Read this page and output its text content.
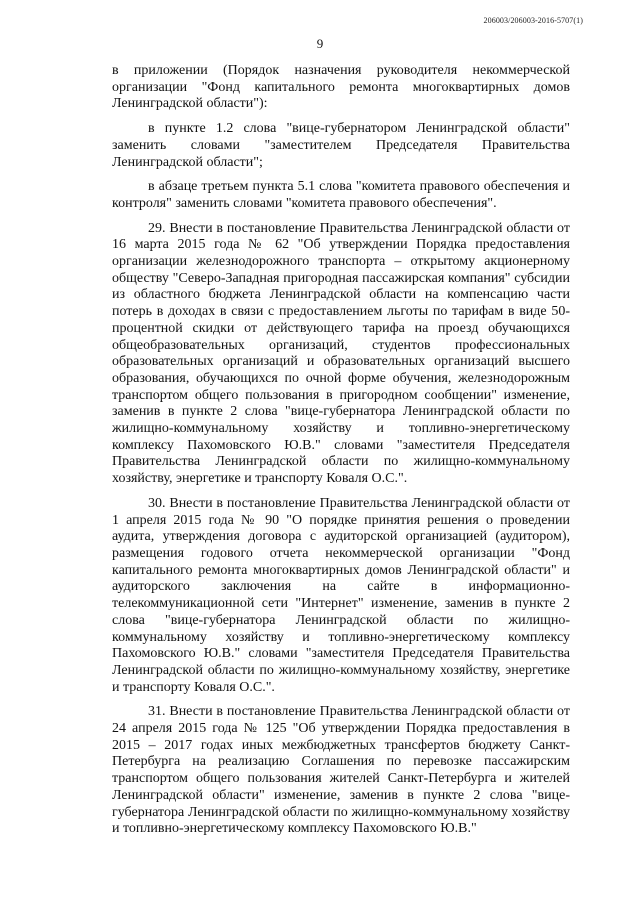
206003/206003-2016-5707(1)
9

в приложении (Порядок назначения руководителя некоммерческой организации "Фонд капитального ремонта многоквартирных домов Ленинградской области"):

в пункте 1.2 слова "вице-губернатором Ленинградской области" заменить словами "заместителем Председателя Правительства Ленинградской области";

в абзаце третьем пункта 5.1 слова "комитета правового обеспечения и контроля" заменить словами "комитета правового обеспечения".

29. Внести в постановление Правительства Ленинградской области от 16 марта 2015 года № 62 "Об утверждении Порядка предоставления организации железнодорожного транспорта – открытому акционерному обществу "Северо-Западная пригородная пассажирская компания" субсидии из областного бюджета Ленинградской области на компенсацию части потерь в доходах в связи с предоставлением льготы по тарифам в виде 50-процентной скидки от действующего тарифа на проезд обучающихся общеобразовательных организаций, студентов профессиональных образовательных организаций и образовательных организаций высшего образования, обучающихся по очной форме обучения, железнодорожным транспортом общего пользования в пригородном сообщении" изменение, заменив в пункте 2 слова "вице-губернатора Ленинградской области по жилищно-коммунальному хозяйству и топливно-энергетическому комплексу Пахомовского Ю.В." словами "заместителя Председателя Правительства Ленинградской области по жилищно-коммунальному хозяйству, энергетике и транспорту Коваля О.С.".

30. Внести в постановление Правительства Ленинградской области от 1 апреля 2015 года № 90 "О порядке принятия решения о проведении аудита, утверждения договора с аудиторской организацией (аудитором), размещения годового отчета некоммерческой организации "Фонд капитального ремонта многоквартирных домов Ленинградской области" и аудиторского заключения на сайте в информационно-телекоммуникационной сети "Интернет" изменение, заменив в пункте 2 слова "вице-губернатора Ленинградской области по жилищно-коммунальному хозяйству и топливно-энергетическому комплексу Пахомовского Ю.В." словами "заместителя Председателя Правительства Ленинградской области по жилищно-коммунальному хозяйству, энергетике и транспорту Коваля О.С.".

31. Внести в постановление Правительства Ленинградской области от 24 апреля 2015 года № 125 "Об утверждении Порядка предоставления в 2015 – 2017 годах иных межбюджетных трансфертов бюджету Санкт-Петербурга на реализацию Соглашения по перевозке пассажирским транспортом общего пользования жителей Санкт-Петербурга и жителей Ленинградской области" изменение, заменив в пункте 2 слова "вице-губернатора Ленинградской области по жилищно-коммунальному хозяйству и топливно-энергетическому комплексу Пахомовского Ю.В."
